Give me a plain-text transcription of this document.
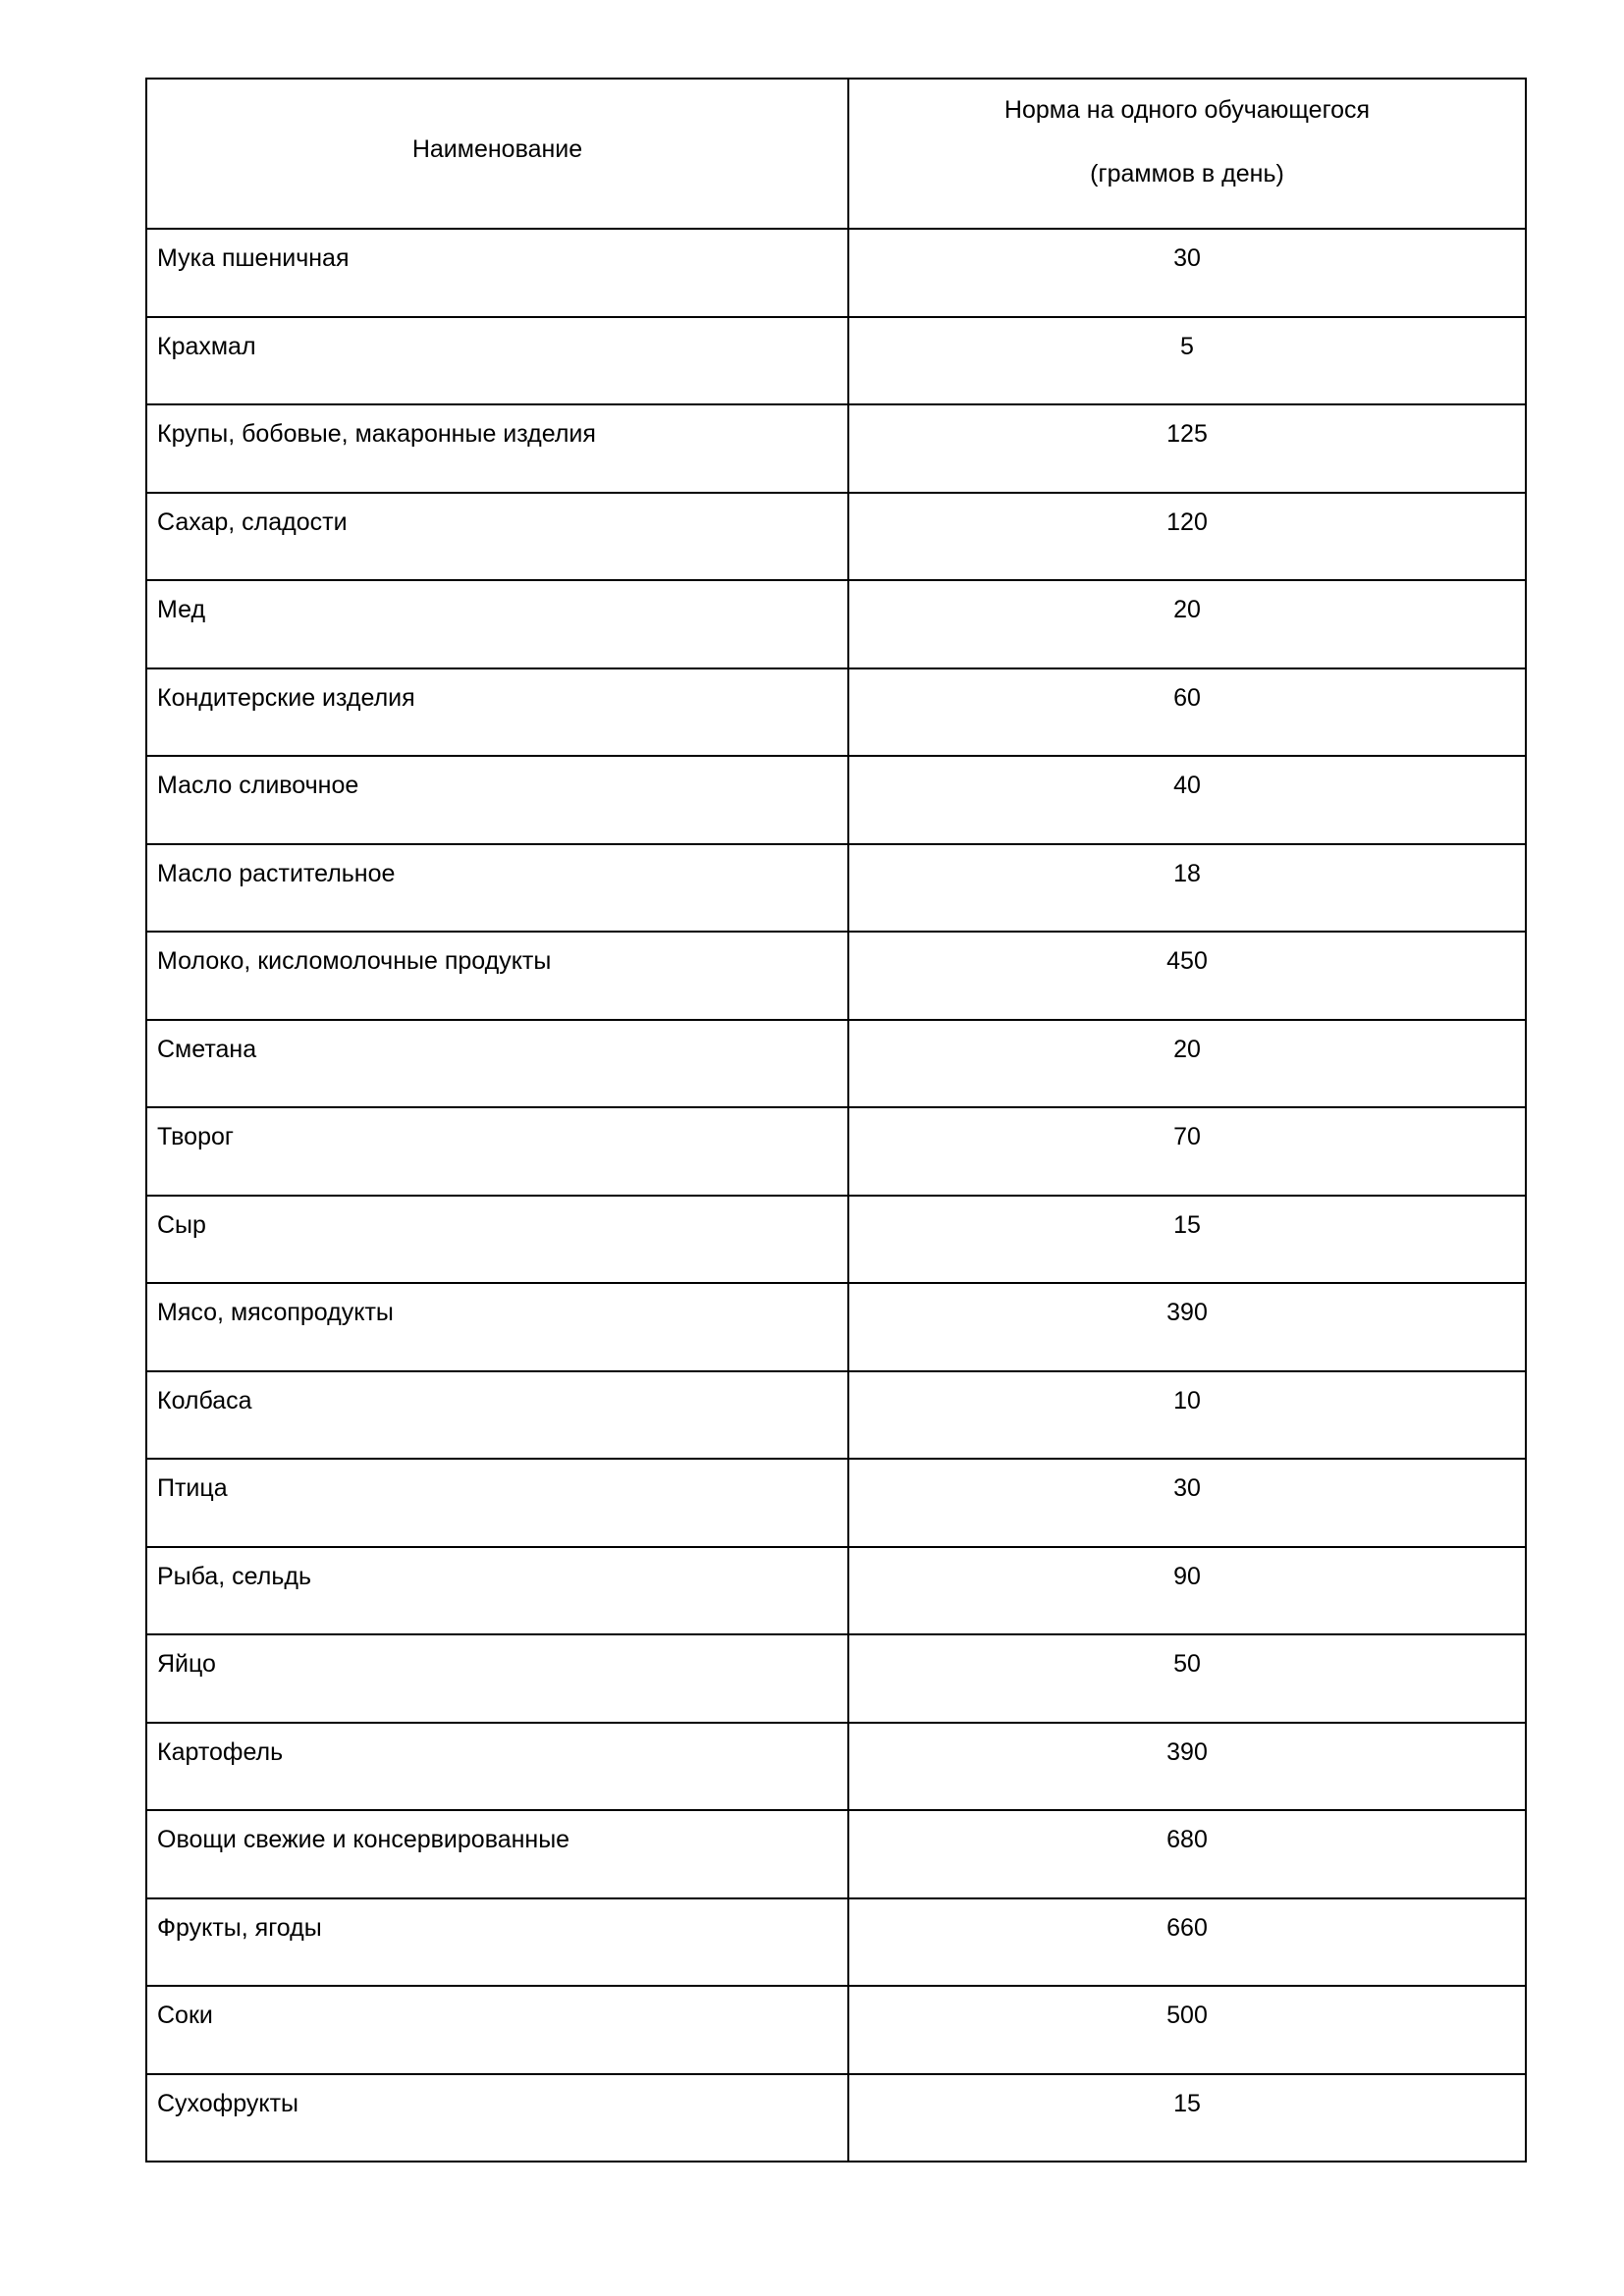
Наименование	Норма на одного обучающегося
(граммов в день)

Мука пшеничная	30
Крахмал	5
Крупы, бобовые, макаронные изделия	125
Сахар, сладости	120
Мед	20
Кондитерские изделия	60
Масло сливочное	40
Масло растительное	18
Молоко, кисломолочные продукты	450
Сметана	20
Творог	70
Сыр	15
Мясо, мясопродукты	390
Колбаса	10
Птица	30
Рыба, сельдь	90
Яйцо	50
Картофель	390
Овощи свежие и консервированные	680
Фрукты, ягоды	660
Соки	500
Сухофрукты	15
